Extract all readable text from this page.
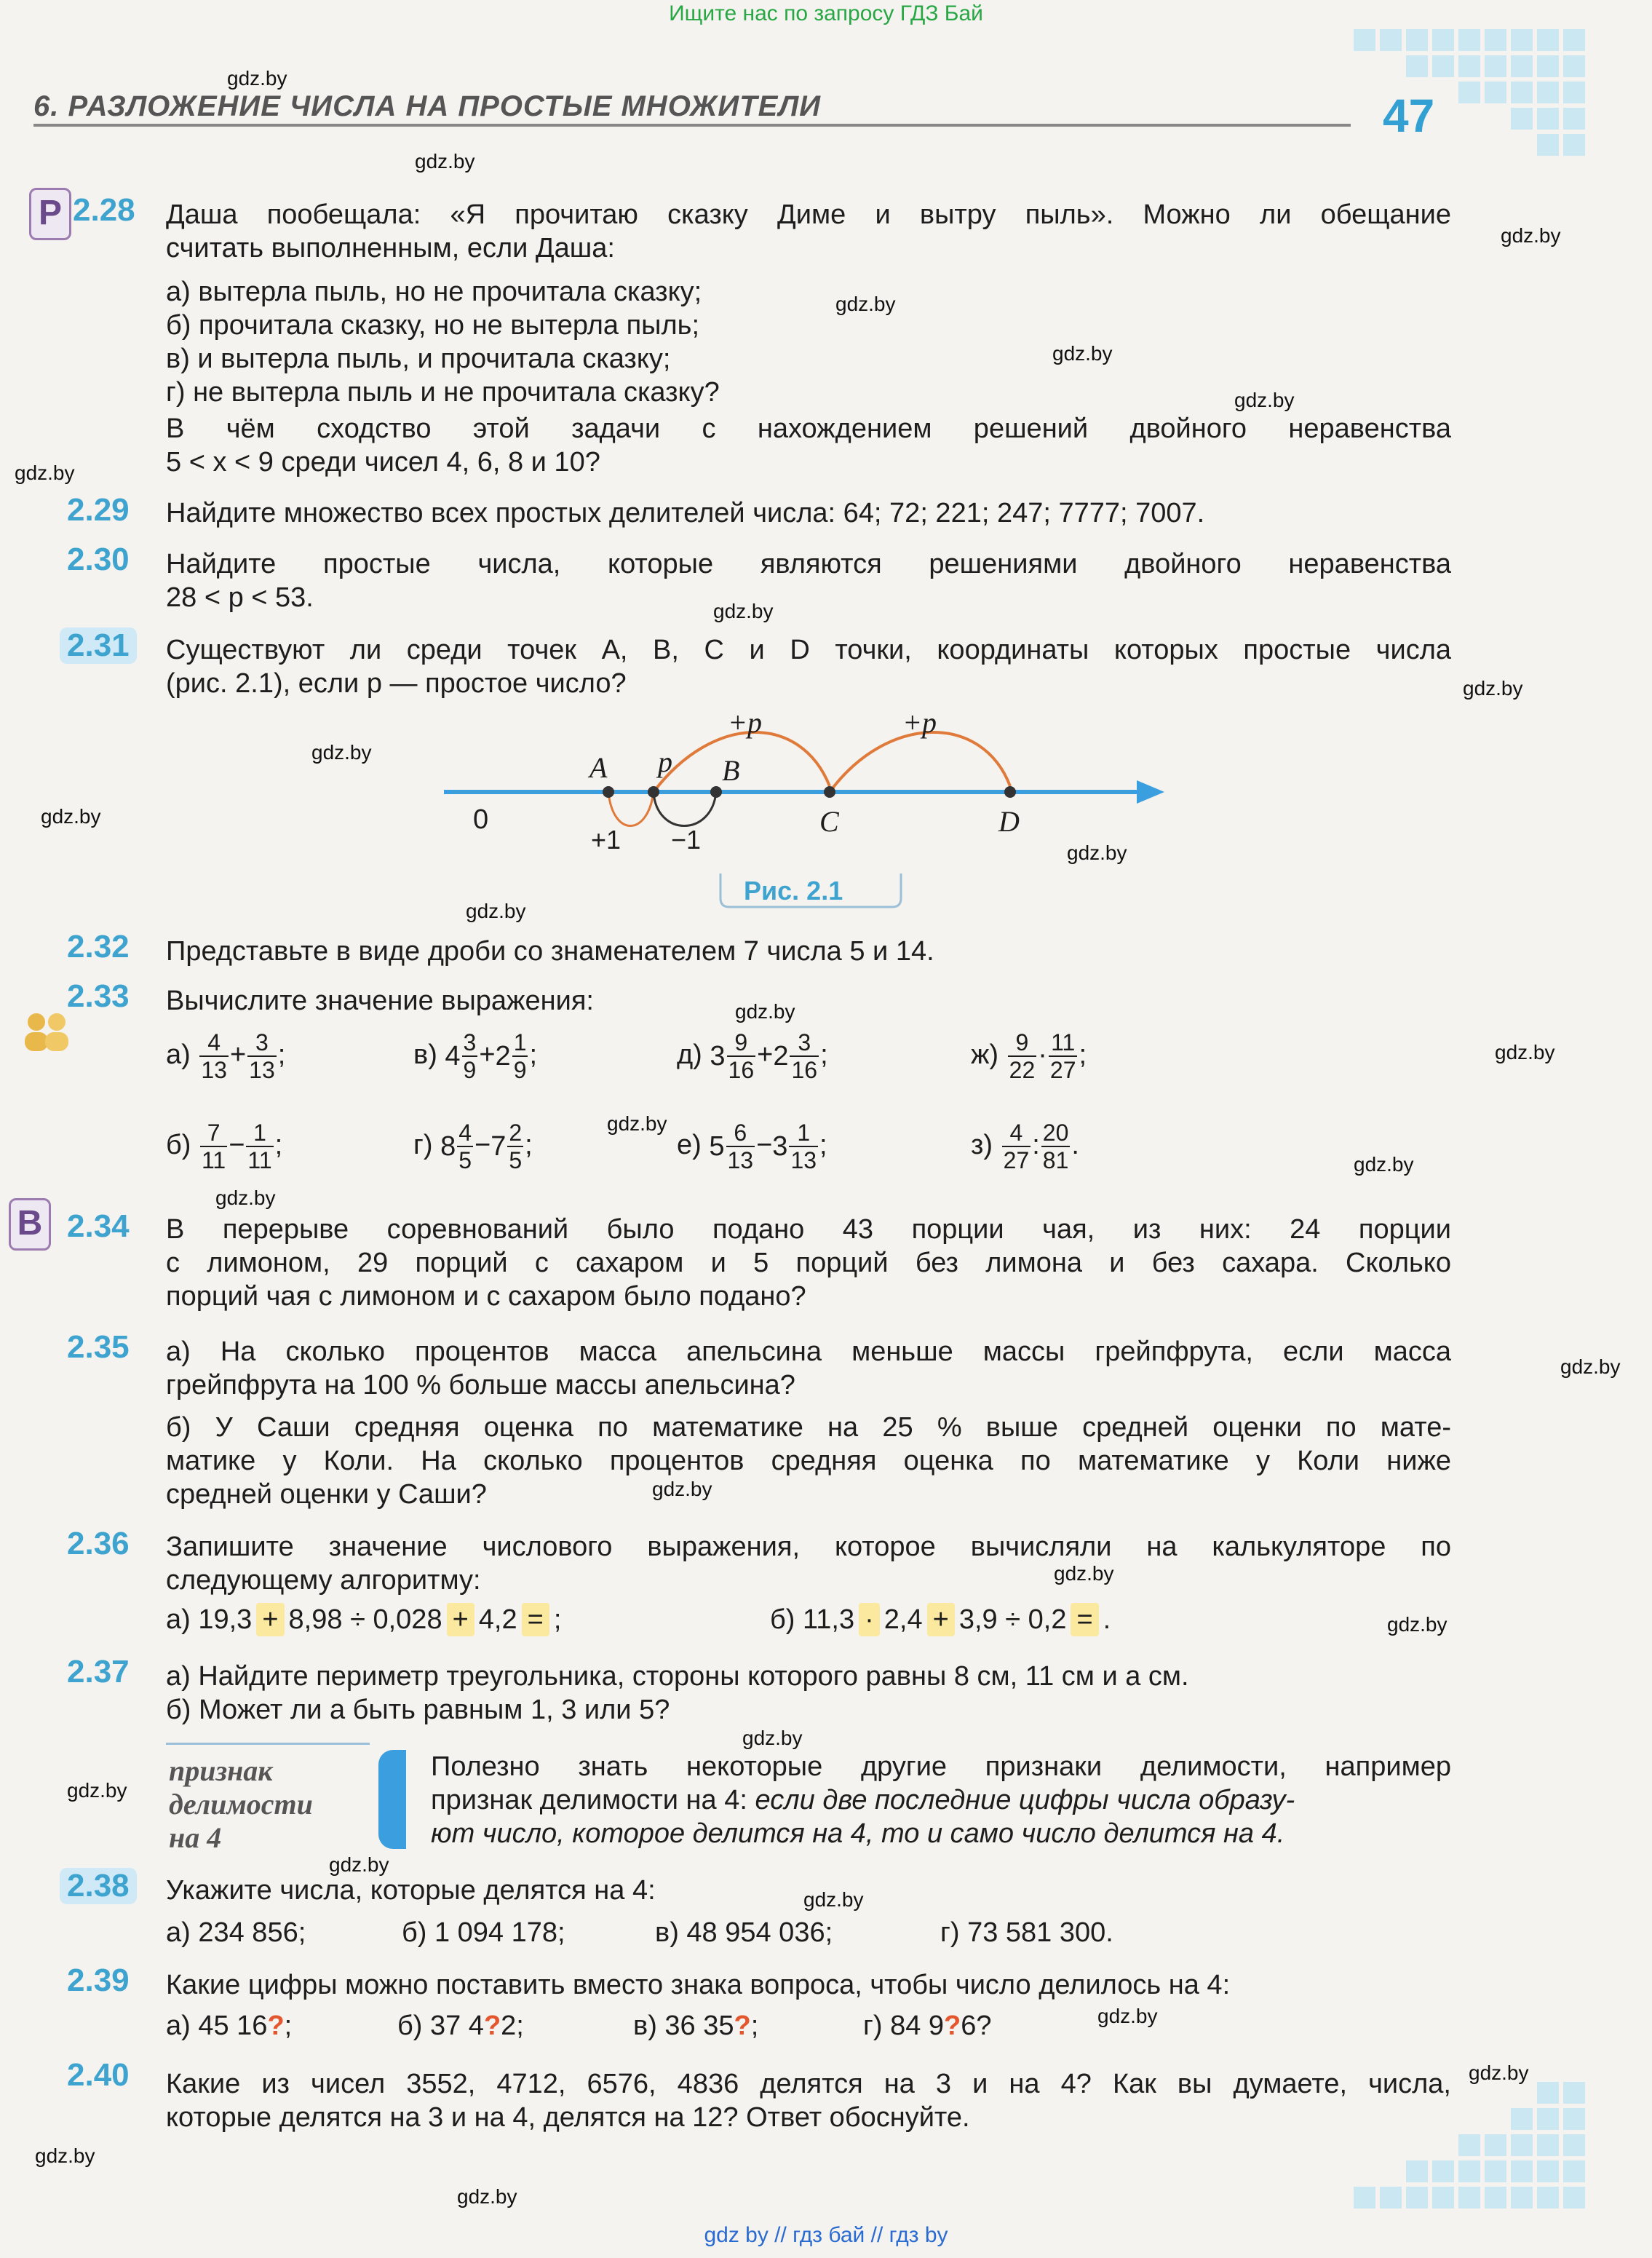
Ищите нас по запросу ГДЗ Бай
gdz by // гдз бай // гдз by
6. РАЗЛОЖЕНИЕ ЧИСЛА НА ПРОСТЫЕ МНОЖИТЕЛИ	47
gdz.by
gdz.by
gdz.by
gdz.by
gdz.by
gdz.by
gdz.by
gdz.by
gdz.by
gdz.by
gdz.by
gdz.by
gdz.by
gdz.by
gdz.by
gdz.by
gdz.by
gdz.by
gdz.by
gdz.by
gdz.by
gdz.by
gdz.by
gdz.by
gdz.by
gdz.by
gdz.by
gdz.by
gdz.by
gdz.by
Р
В
2.28 Даша пообещала: «Я прочитаю сказку Диме и вытру пыль». Можно ли обещание
считать выполненным, если Даша:
а) вытерла пыль, но не прочитала сказку;
б) прочитала сказку, но не вытерла пыль;
в) и вытерла пыль, и прочитала сказку;
г) не вытерла пыль и не прочитала сказку?
В чём сходство этой задачи с нахождением решений двойного неравенства
5 < x < 9 среди чисел 4, 6, 8 и 10?
2.29 Найдите множество всех простых делителей числа: 64; 72; 221; 247; 7777; 7007.
2.30 Найдите простые числа, которые являются решениями двойного неравенства
28 < p < 53.
2.31 Существуют ли среди точек A, B, C и D точки, координаты которых простые числа
(рис. 2.1), если p — простое число?
0
A p B
C	D
+1 −1
+p	+p
Рис. 2.1
2.32 Представьте в виде дроби со знаменателем 7 числа 5 и 14.
2.33 Вычислите значение выражения:
$а) \frac{4}{13} + \frac{3}{13}$ ;	в) $4 \frac{3}{9} +2 \frac{1}{9}$ ;	д) $3 \frac{9}{16} +2 \frac{3}{16}$ ;	$ж) \frac{9}{22} \cdot \frac{11}{27}$ ;
$б) \frac{7}{11} - \frac{1}{11}$ ;	г) $8 \frac{4}{5} -7 \frac{2}{5}$ ;	е) $5 \frac{6}{13} -3 \frac{1}{13}$ ;	$з) \frac{4}{27}$ : $\frac{20}{81}$ .
2.34 В перерыве соревнований было подано 43 порции чая, из них: 24 порции
с лимоном, 29 порций с сахаром и 5 порций без лимона и без сахара. Сколько
порций чая с лимоном и с сахаром было подано?
2.35 а) На сколько процентов масса апельсина меньше массы грейпфрута, если масса
грейпфрута на 100 % больше массы апельсина?
б) У Саши средняя оценка по математике на 25 % выше средней оценки по мате-
матике у Коли. На сколько процентов средняя оценка по математике у Коли ниже
средней оценки у Саши?
2.36 Запишите значение числового выражения, которое вычисляли на калькуляторе по
следующему алгоритму:
а) 19,3 + 8,98 ÷ 0,028 + 4,2 = ;	б) 11,3 · 2,4 + 3,9 ÷ 0,2 = .
2.37 а) Найдите периметр треугольника, стороны которого равны 8 см, 11 см и a см.
б) Может ли a быть равным 1, 3 или 5?
признак
делимости
на 4
Полезно знать некоторые другие признаки делимости, например
признак делимости на 4: если две последние цифры числа образу-
ют число, которое делится на 4, то и само число делится на 4.
2.38 Укажите числа, которые делятся на 4:
а) 234 856;	б) 1 094 178;	в) 48 954 036;	г) 73 581 300.
2.39 Какие цифры можно поставить вместо знака вопроса, чтобы число делилось на 4:
а) 45 16?;	б) 37 4?2;	в) 36 35?;	г) 84 9?6?
2.40 Какие из чисел 3552, 4712, 6576, 4836 делятся на 3 и на 4? Как вы думаете, числа,
которые делятся на 3 и на 4, делятся на 12? Ответ обоснуйте.
